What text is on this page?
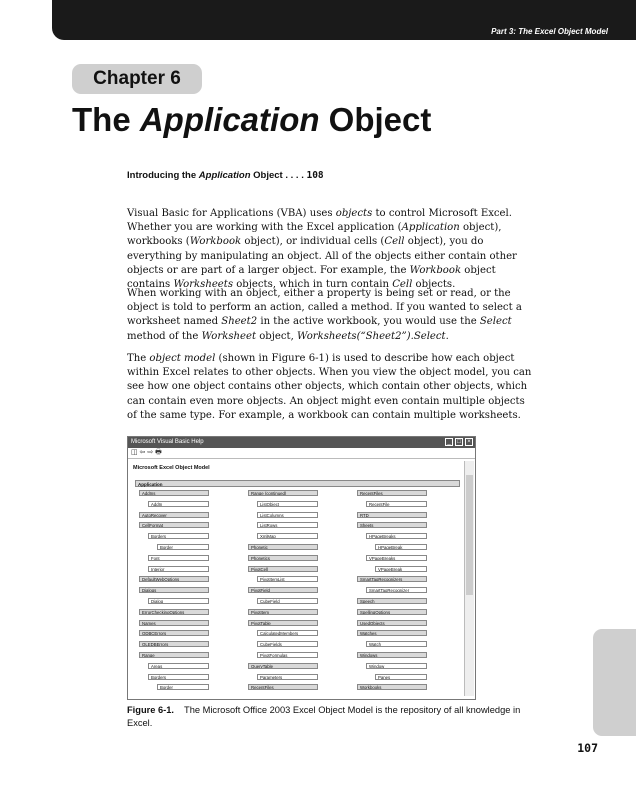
Part 3: The Excel Object Model
Chapter 6
The Application Object
Introducing the Application Object . . . . 108

Visual Basic for Applications (VBA) uses objects to control Microsoft Excel. Whether you are working with the Excel application (Application object), workbooks (Workbook object), or individual cells (Cell object), you do everything by manipulating an object. All of the objects either contain other objects or are part of a larger object. For example, the Workbook object contains Worksheets objects, which in turn contain Cell objects.

When working with an object, either a property is being set or read, or the object is told to perform an action, called a method. If you wanted to select a worksheet named Sheet2 in the active workbook, you would use the Select method of the Worksheet object, Worksheets(“Sheet2”).Select.

The object model (shown in Figure 6-1) is used to describe how each object within Excel relates to other objects. When you view the object model, you can see how one object contains other objects, which contain other objects, which can contain even more objects. An object might even contain multiple objects of the same type. For example, a workbook can contain multiple worksheets.

Microsoft Visual Basic Help	_	□	×
◫ ⇦ ⇨ 🖶
Microsoft Excel Object Model
Application
AddIns
AddIn
AutoRecover
CellFormat
Borders
Border
Font
Interior
DefaultWebOptions
Dialogs
Dialog
ErrorCheckingOptions
Names
ODBCErrors
OLEDBErrors
Range
Areas
Borders
Border
Range (continued)
ListObject
ListColumns
ListRows
XmlMap
Phonetic
Phonetics
PivotCell
PivotItemList
PivotField
CubeField
PivotItem
PivotTable
CalculatedMembers
CubeFields
PivotFormulas
QueryTable
Parameters
RecentFiles
RecentFiles
RecentFile
RTD
Sheets
HPageBreaks
HPageBreak
VPageBreaks
VPageBreak
SmartTagRecognizers
SmartTagRecognizer
Speech
SpellingOptions
UsedObjects
Watches
Watch
Windows
Window
Panes
Workbooks
Figure 6-1. The Microsoft Office 2003 Excel Object Model is the repository of all knowledge in Excel.
107
